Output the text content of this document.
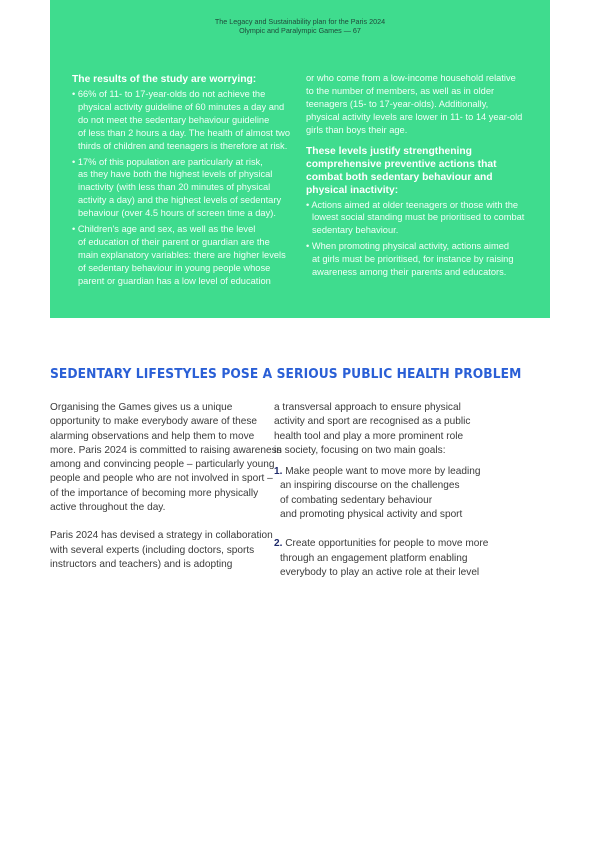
The Legacy and Sustainability plan for the Paris 2024
Olympic and Paralympic Games — 67
The results of the study are worrying:
• 66% of 11- to 17-year-olds do not achieve the
physical activity guideline of 60 minutes a day and
do not meet the sedentary behaviour guideline
of less than 2 hours a day. The health of almost two
thirds of children and teenagers is therefore at risk.
• 17% of this population are particularly at risk,
as they have both the highest levels of physical
inactivity (with less than 20 minutes of physical
activity a day) and the highest levels of sedentary
behaviour (over 4.5 hours of screen time a day).
• Children's age and sex, as well as the level
of education of their parent or guardian are the
main explanatory variables: there are higher levels
of sedentary behaviour in young people whose
parent or guardian has a low level of education
or who come from a low-income household relative
to the number of members, as well as in older
teenagers (15- to 17-year-olds). Additionally,
physical activity levels are lower in 11- to 14 year-old
girls than boys their age.
These levels justify strengthening
comprehensive preventive actions that
combat both sedentary behaviour and
physical inactivity:
• Actions aimed at older teenagers or those with the
lowest social standing must be prioritised to combat
sedentary behaviour.
• When promoting physical activity, actions aimed
at girls must be prioritised, for instance by raising
awareness among their parents and educators.
SEDENTARY LIFESTYLES POSE A SERIOUS PUBLIC HEALTH PROBLEM
Organising the Games gives us a unique
opportunity to make everybody aware of these
alarming observations and help them to move
more. Paris 2024 is committed to raising awareness
among and convincing people – particularly young
people and people who are not involved in sport –
of the importance of becoming more physically
active throughout the day.
Paris 2024 has devised a strategy in collaboration
with several experts (including doctors, sports
instructors and teachers) and is adopting
a transversal approach to ensure physical
activity and sport are recognised as a public
health tool and play a more prominent role
in society, focusing on two main goals:
1. Make people want to move more by leading
an inspiring discourse on the challenges
of combating sedentary behaviour
and promoting physical activity and sport
2. Create opportunities for people to move more
through an engagement platform enabling
everybody to play an active role at their level
